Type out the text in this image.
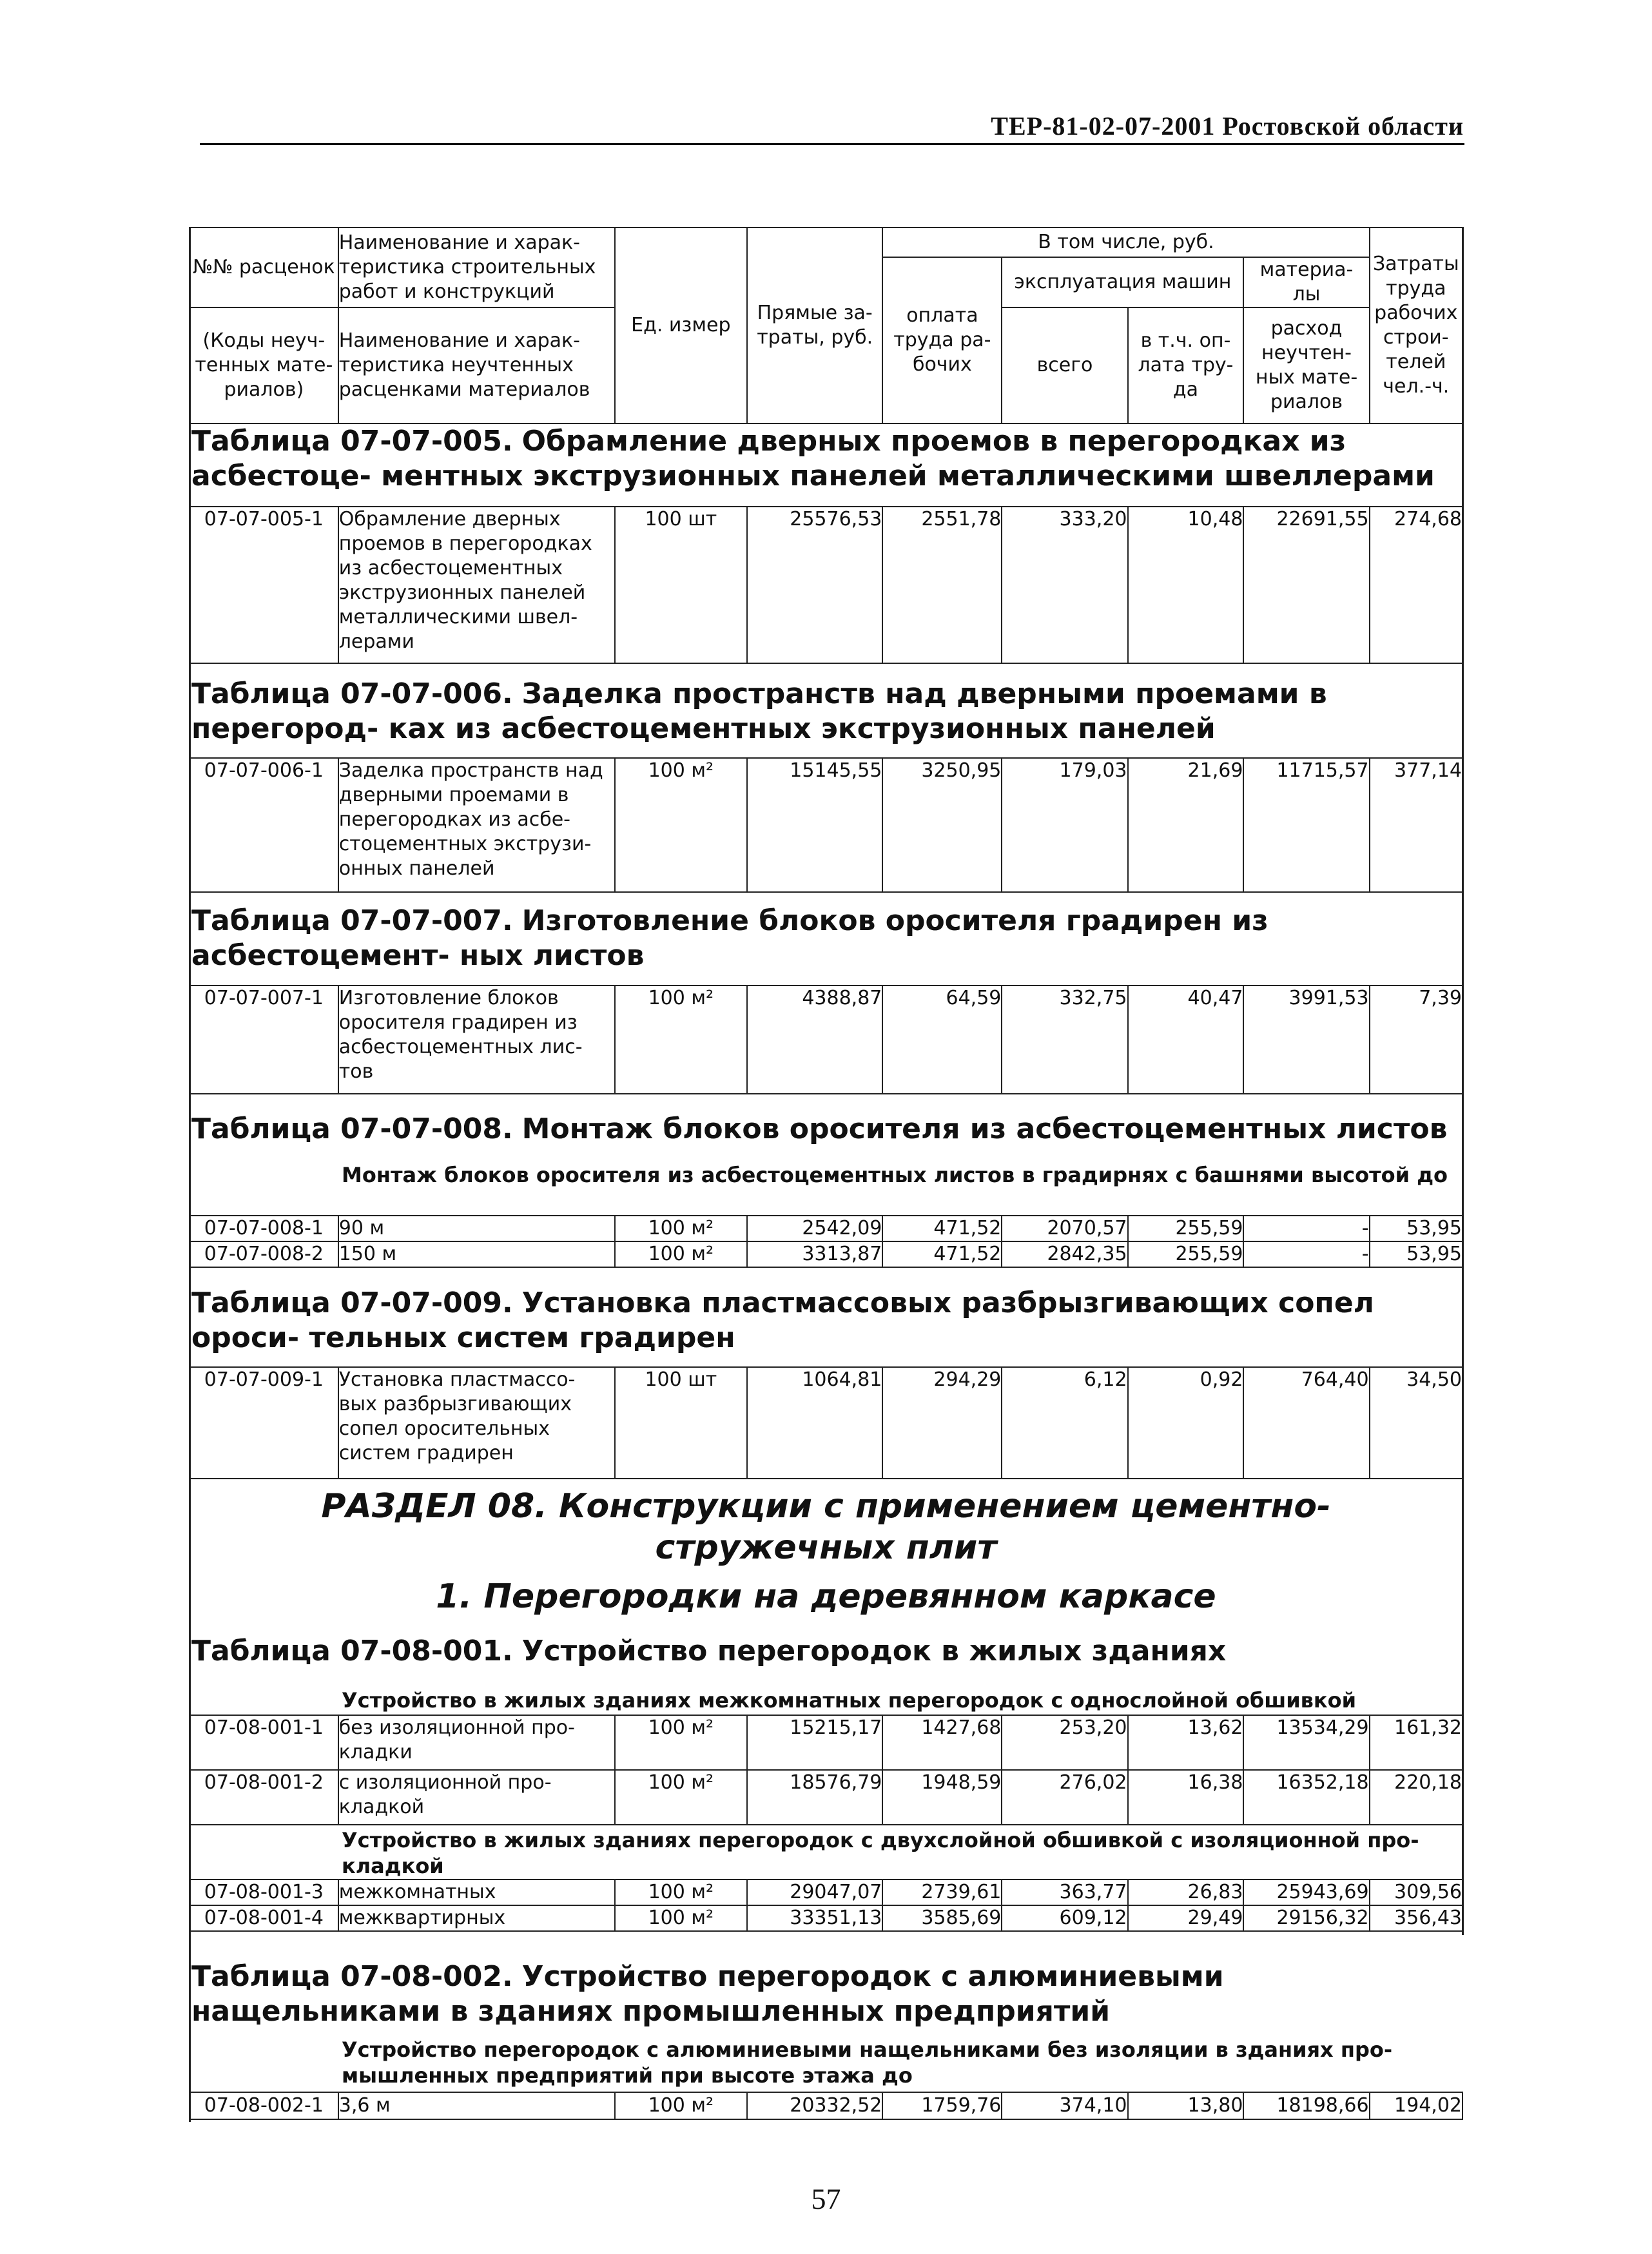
ТЕР-81-02-07-2001 Ростовской области
№№ расценок	Наименование и харак- теристика строительных работ и конструкций	Ед. измер	Прямые за- траты, руб.	В том числе, руб.				Затраты труда рабочих строи- телей чел.-ч.
				оплата труда ра- бочих	эксплуатация машин		материа- лы	
(Коды неуч- тенных мате- риалов)	Наименование и харак- теристика неучтенных расценками материалов				всего	в т.ч. оп- лата тру- да	расход неучтен- ных мате- риалов	

Таблица 07-07-005. Обрамление дверных проемов в перегородках из асбестоце- ментных экструзионных панелей металлическими швеллерами
07-07-005-1	Обрамление дверных проемов в перегородках из асбестоцементных экструзионных панелей металлическими швел- лерами	100 шт	25576,53	2551,78	333,20	10,48	22691,55	274,68
Таблица 07-07-006. Заделка пространств над дверными проемами в перегород- ках из асбестоцементных экструзионных панелей
07-07-006-1	Заделка пространств над дверными проемами в перегородках из асбе- стоцементных экструзи- онных панелей	100 м²	15145,55	3250,95	179,03	21,69	11715,57	377,14
Таблица 07-07-007. Изготовление блоков оросителя градирен из асбестоцемент- ных листов
07-07-007-1	Изготовление блоков оросителя градирен из асбестоцементных лис- тов	100 м²	4388,87	64,59	332,75	40,47	3991,53	7,39
Таблица 07-07-008. Монтаж блоков оросителя из асбестоцементных листов
Монтаж блоков оросителя из асбестоцементных листов в градирнях с башнями высотой до
07-07-008-1	90 м	100 м²	2542,09	471,52	2070,57	255,59	-	53,95
07-07-008-2	150 м	100 м²	3313,87	471,52	2842,35	255,59	-	53,95
Таблица 07-07-009. Установка пластмассовых разбрызгивающих сопел ороси- тельных систем градирен
07-07-009-1	Установка пластмассо- вых разбрызгивающих сопел оросительных систем градирен	100 шт	1064,81	294,29	6,12	0,92	764,40	34,50
РАЗДЕЛ 08. Конструкции с применением цементно-стружечных плит
1. Перегородки на деревянном каркасе
Таблица 07-08-001. Устройство перегородок в жилых зданиях
Устройство в жилых зданиях межкомнатных перегородок с однослойной обшивкой
07-08-001-1	без изоляционной про- кладки	100 м²	15215,17	1427,68	253,20	13,62	13534,29	161,32
07-08-001-2	с изоляционной про- кладкой	100 м²	18576,79	1948,59	276,02	16,38	16352,18	220,18
Устройство в жилых зданиях перегородок с двухслойной обшивкой с изоляционной про- кладкой
07-08-001-3	межкомнатных	100 м²	29047,07	2739,61	363,77	26,83	25943,69	309,56
07-08-001-4	межквартирных	100 м²	33351,13	3585,69	609,12	29,49	29156,32	356,43
Таблица 07-08-002. Устройство перегородок с алюминиевыми нащельниками в зданиях промышленных предприятий
Устройство перегородок с алюминиевыми нащельниками без изоляции в зданиях про- мышленных предприятий при высоте этажа до
07-08-002-1	3,6 м	100 м²	20332,52	1759,76	374,10	13,80	18198,66	194,02
57
